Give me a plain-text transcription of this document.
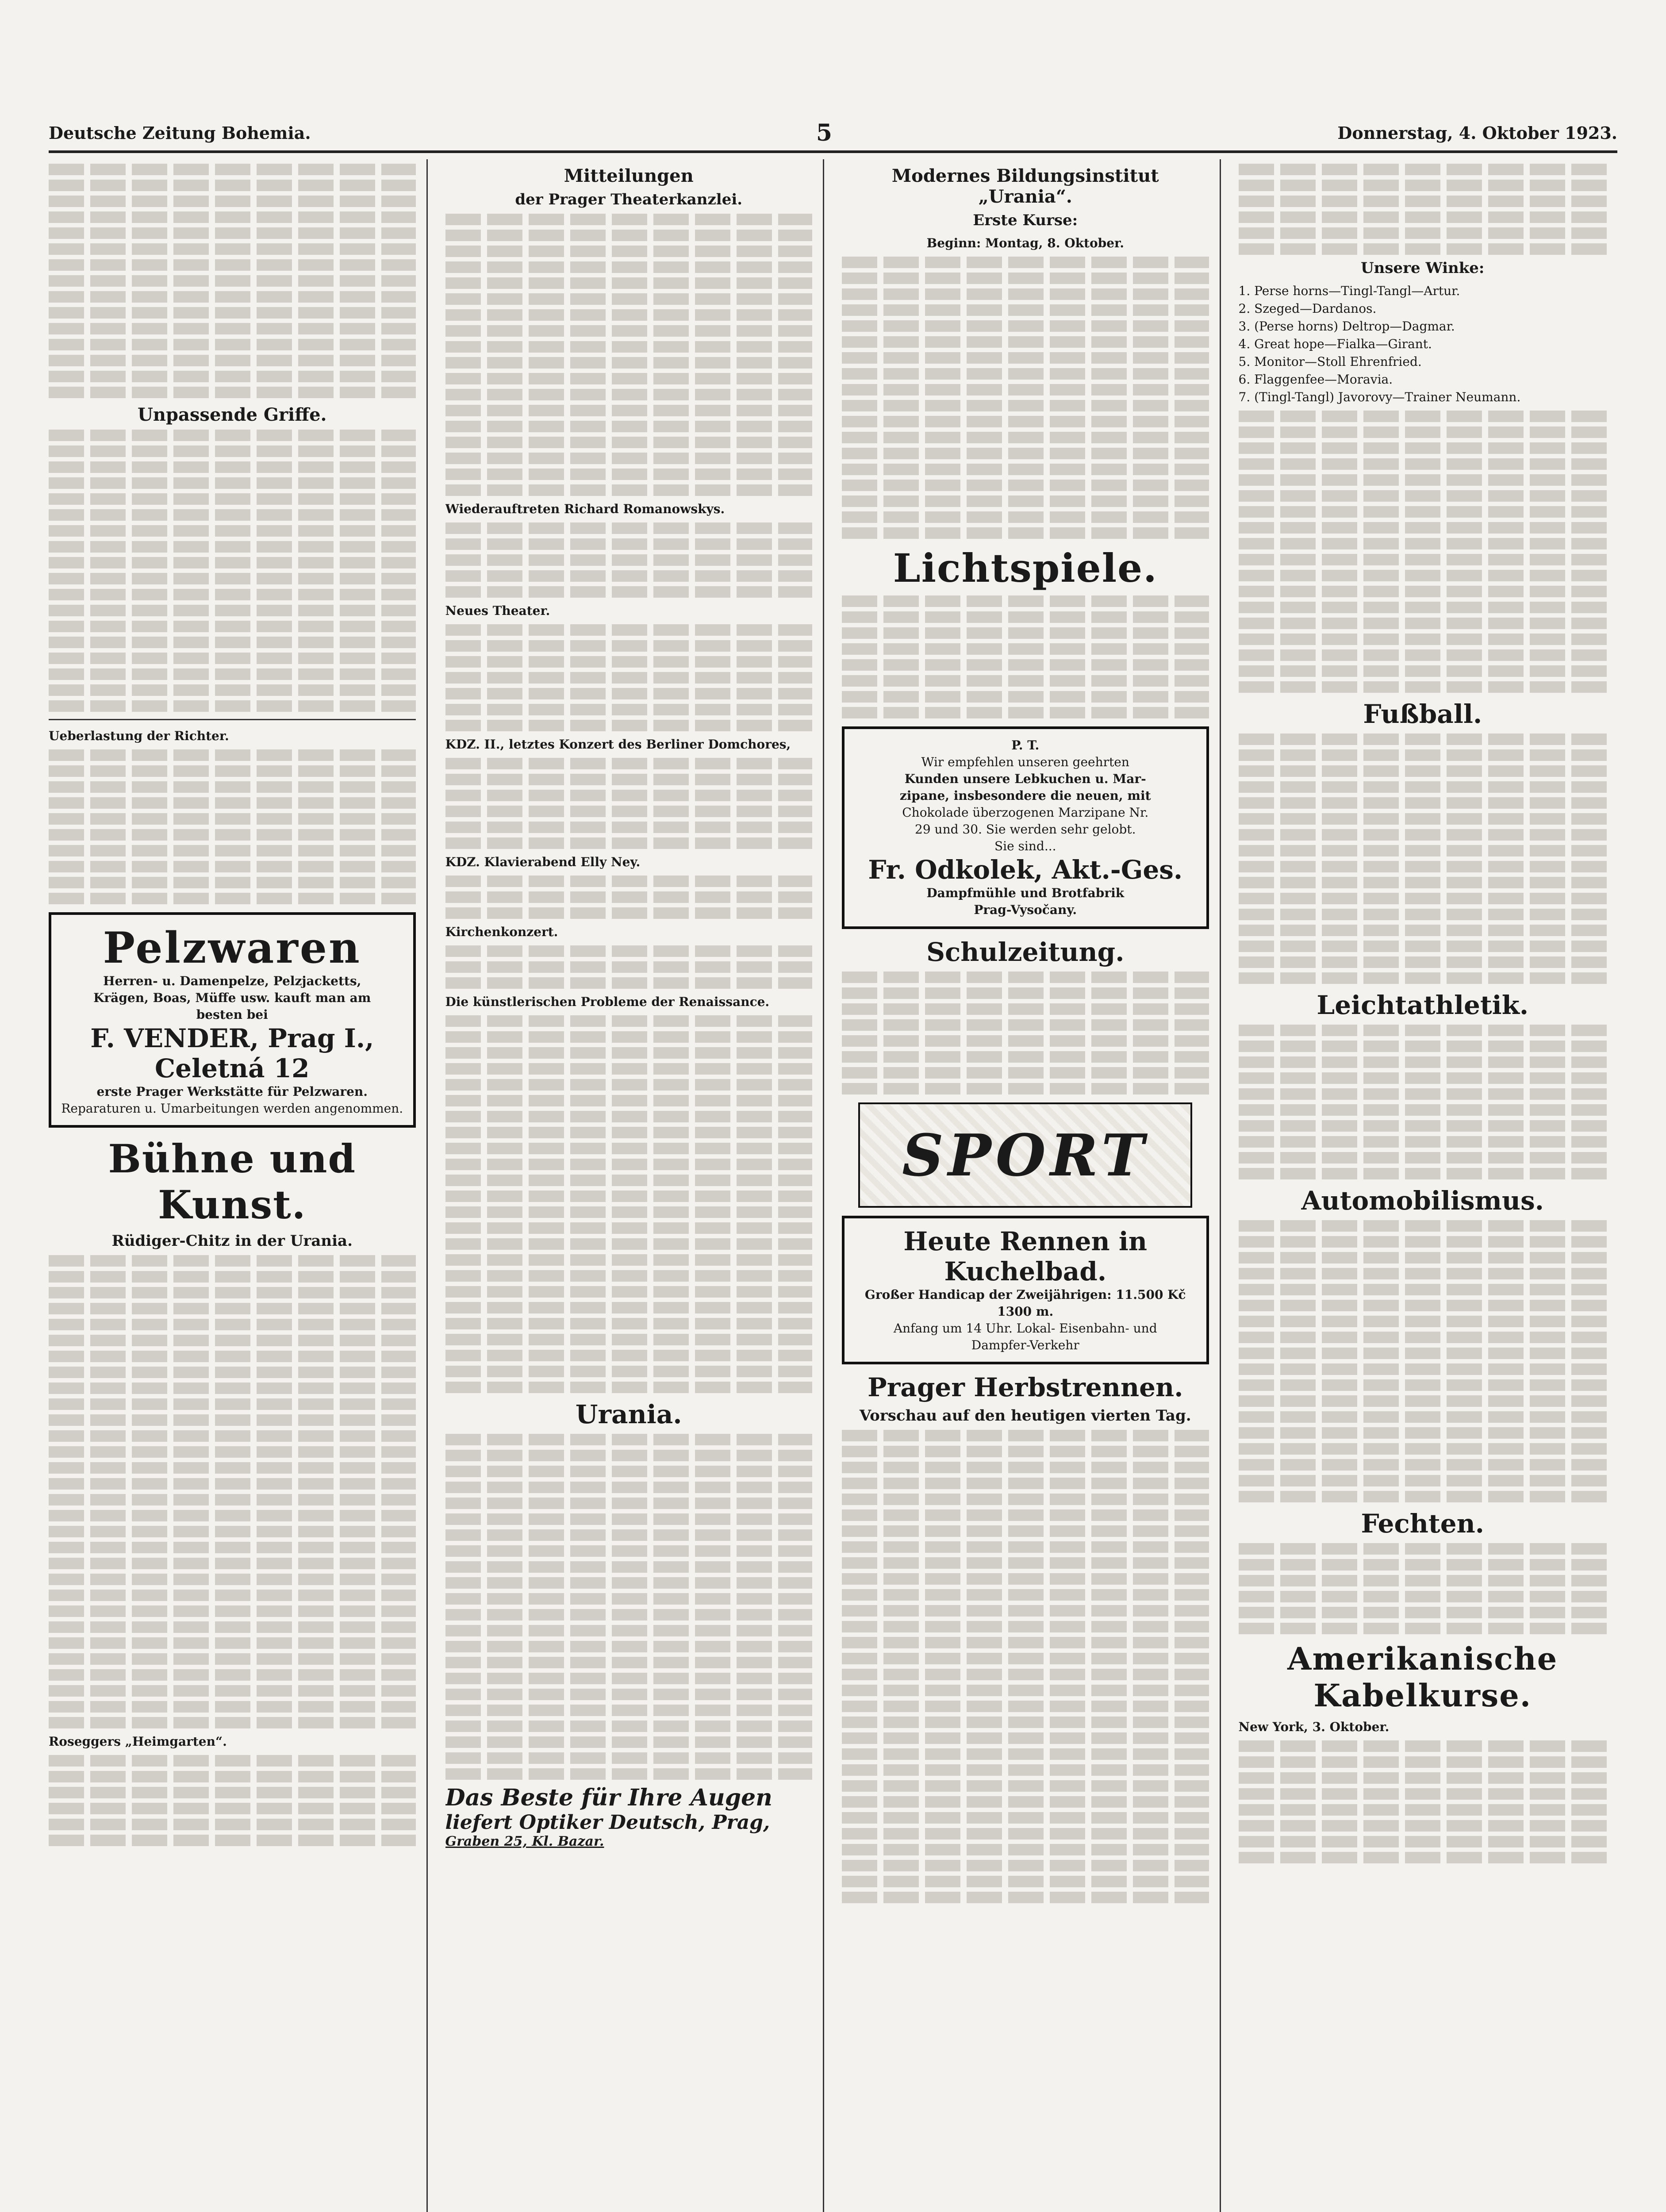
Deutsche Zeitung Bohemia.	5	Donnerstag, 4. Oktober 1923.
Unpassende Griffe.

Ueberlastung der Richter.

Pelzwaren
Herren- u. Damenpelze, Pelzjacketts,
Krägen, Boas, Müffe usw. kauft man am
besten bei
F. VENDER, Prag I., Celetná 12
erste Prager Werkstätte für Pelzwaren.
Reparaturen u. Umarbeitungen werden angenommen.
Bühne und Kunst.
Rüdiger-Chitz in der Urania.

Roseggers „Heimgarten“.

Mitteilungen
der Prager Theaterkanzlei.

Wiederauftreten Richard Romanowskys.

Neues Theater.

KDZ. II., letztes Konzert des Berliner Domchores,

KDZ. Klavierabend Elly Ney.

Kirchenkonzert.

Die künstlerischen Probleme der Renaissance.

Urania.
Das Beste für Ihre Augen
liefert Optiker Deutsch, Prag,
Graben 25, Kl. Bazar.
Modernes Bildungsinstitut „Urania“.
Erste Kurse:

Beginn: Montag, 8. Oktober.

Lichtspiele.
P. T.
Wir empfehlen unseren geehrten
Kunden unsere Lebkuchen u. Mar-
zipane, insbesondere die neuen, mit
Chokolade überzogenen Marzipane Nr.
29 und 30. Sie werden sehr gelobt.
Sie sind...
Fr. Odkolek, Akt.-Ges.
Dampfmühle und Brotfabrik
Prag-Vysočany.
Schulzeitung.
SPORT
Heute Rennen in Kuchelbad.
Großer Handicap der Zweijährigen: 11.500 Kč 1300 m.
Anfang um 14 Uhr. Lokal- Eisenbahn- und
Dampfer-Verkehr
Prager Herbstrennen.
Vorschau auf den heutigen vierten Tag.
Unsere Winke:

1. Perse horns—Tingl-Tangl—Artur.

2. Szeged—Dardanos.

3. (Perse horns) Deltrop—Dagmar.

4. Great hope—Fialka—Girant.

5. Monitor—Stoll Ehrenfried.

6. Flaggenfee—Moravia.

7. (Tingl-Tangl) Javorovy—Trainer Neumann.

Fußball.
Leichtathletik.
Automobilismus.
Fechten.
Amerikanische Kabelkurse.

New York, 3. Oktober.
